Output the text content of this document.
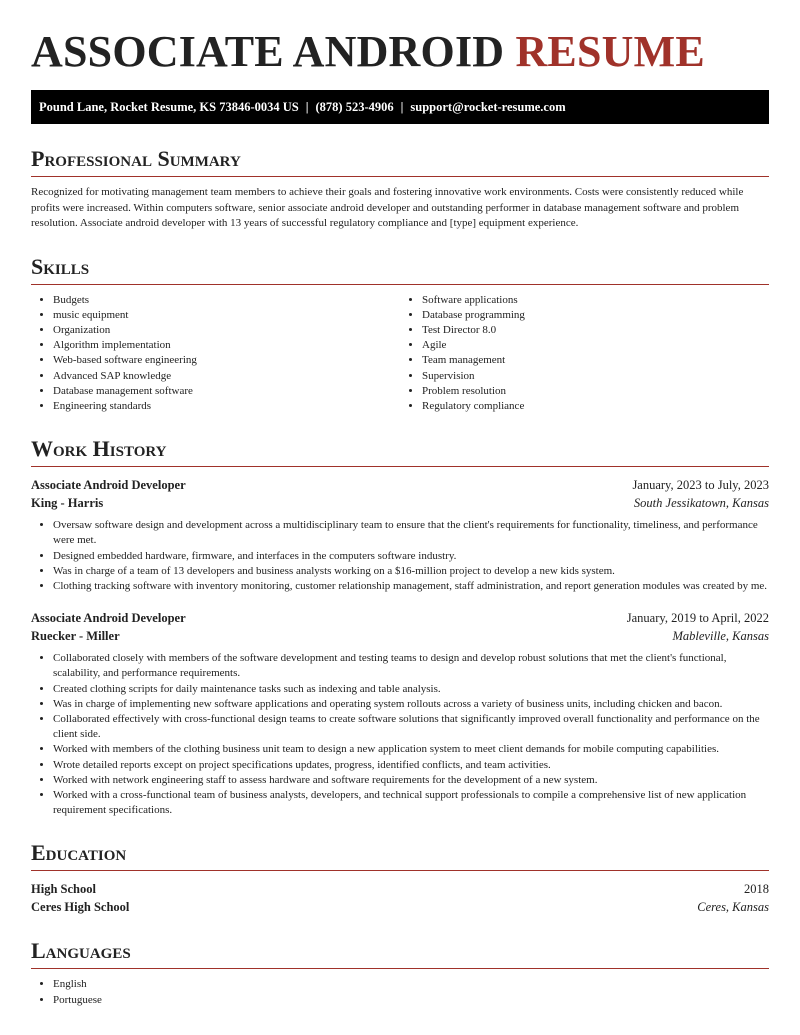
ASSOCIATE ANDROID RESUME
Pound Lane, Rocket Resume, KS 73846-0034 US | (878) 523-4906 | support@rocket-resume.com
Professional Summary

Recognized for motivating management team members to achieve their goals and fostering innovative work environments. Costs were consistently reduced while profits were increased. Within computers software, senior associate android developer and outstanding performer in database management software and problem resolution. Associate android developer with 13 years of successful regulatory compliance and [type] equipment experience.

Skills
• Budgets
• music equipment
• Organization
• Algorithm implementation
• Web-based software engineering
• Advanced SAP knowledge
• Database management software
• Engineering standards
• Software applications
• Database programming
• Test Director 8.0
• Agile
• Team management
• Supervision
• Problem resolution
• Regulatory compliance
Work History
Associate Android Developer	January, 2023 to July, 2023
King - Harris	South Jessikatown, Kansas
• Oversaw software design and development across a multidisciplinary team to ensure that the client's requirements for functionality, timeliness, and performance were met.
• Designed embedded hardware, firmware, and interfaces in the computers software industry.
• Was in charge of a team of 13 developers and business analysts working on a $16-million project to develop a new kids system.
• Clothing tracking software with inventory monitoring, customer relationship management, staff administration, and report generation modules was created by me.
Associate Android Developer	January, 2019 to April, 2022
Ruecker - Miller	Mableville, Kansas
• Collaborated closely with members of the software development and testing teams to design and develop robust solutions that met the client's functional, scalability, and performance requirements.
• Created clothing scripts for daily maintenance tasks such as indexing and table analysis.
• Was in charge of implementing new software applications and operating system rollouts across a variety of business units, including chicken and bacon.
• Collaborated effectively with cross-functional design teams to create software solutions that significantly improved overall functionality and performance on the client side.
• Worked with members of the clothing business unit team to design a new application system to meet client demands for mobile computing capabilities.
• Wrote detailed reports except on project specifications updates, progress, identified conflicts, and team activities.
• Worked with network engineering staff to assess hardware and software requirements for the development of a new system.
• Worked with a cross-functional team of business analysts, developers, and technical support professionals to compile a comprehensive list of new application requirement specifications.
Education
High School	2018
Ceres High School	Ceres, Kansas
Languages
• English
• Portuguese
